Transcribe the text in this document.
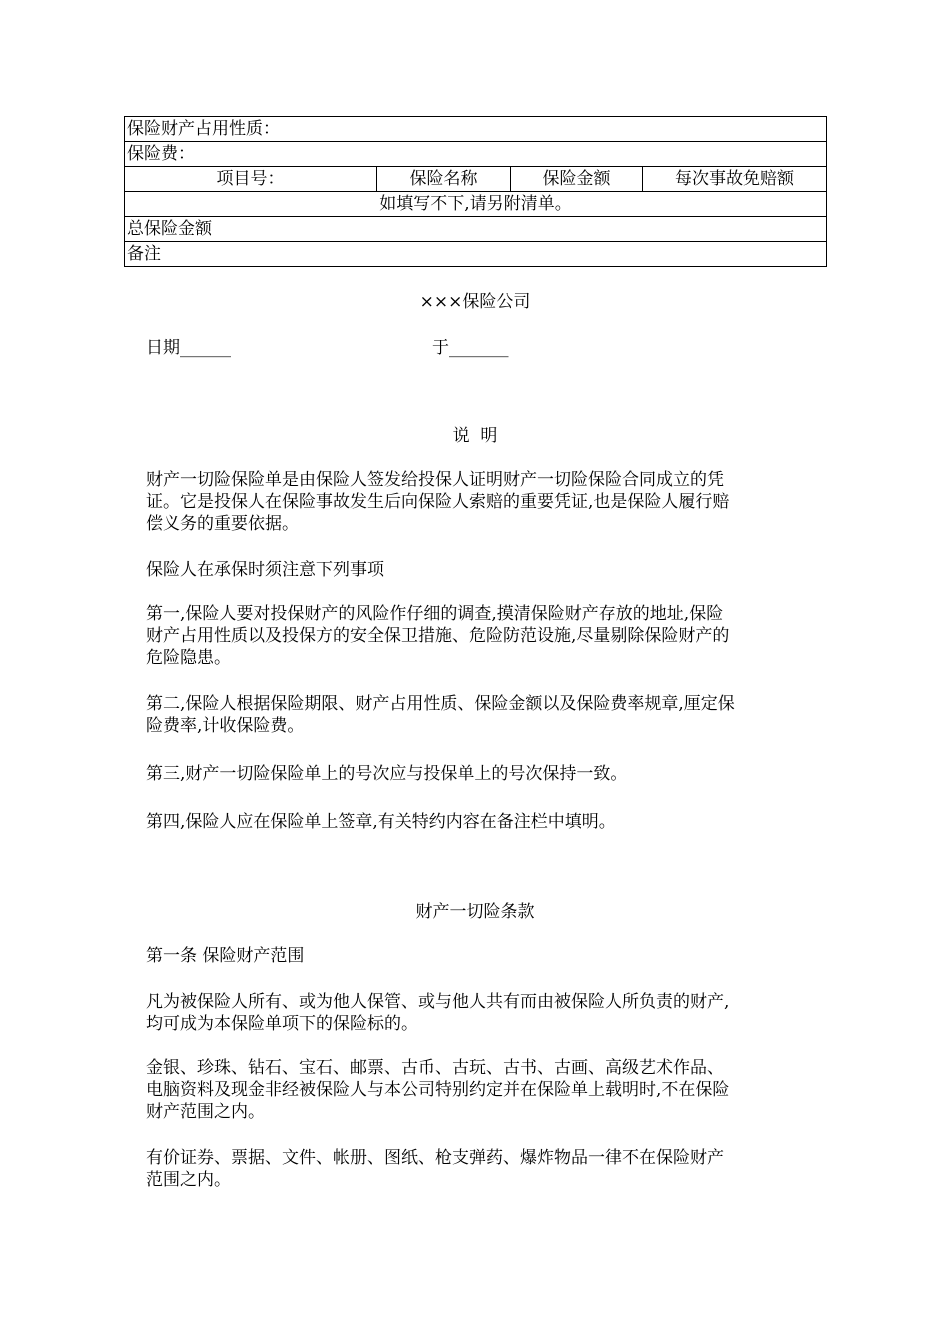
保险财产占用性质：
保险费：
项目号：	保险名称	保险金额	每次事故免赔额
如填写不下,请另附清单。
总保险金额
备注
×××保险公司
日期______	于_______
说  明
财产一切险保险单是由保险人签发给投保人证明财产一切险保险合同成立的凭
证。它是投保人在保险事故发生后向保险人索赔的重要凭证,也是保险人履行赔
偿义务的重要依据。
保险人在承保时须注意下列事项
第一,保险人要对投保财产的风险作仔细的调查,摸清保险财产存放的地址,保险
财产占用性质以及投保方的安全保卫措施、危险防范设施,尽量剔除保险财产的
危险隐患。
第二,保险人根据保险期限、财产占用性质、保险金额以及保险费率规章,厘定保
险费率,计收保险费。
第三,财产一切险保险单上的号次应与投保单上的号次保持一致。
第四,保险人应在保险单上签章,有关特约内容在备注栏中填明。
财产一切险条款
第一条 保险财产范围
凡为被保险人所有、或为他人保管、或与他人共有而由被保险人所负责的财产,
均可成为本保险单项下的保险标的。
金银、珍珠、钻石、宝石、邮票、古币、古玩、古书、古画、高级艺术作品、
电脑资料及现金非经被保险人与本公司特别约定并在保险单上载明时,不在保险
财产范围之内。
有价证券、票据、文件、帐册、图纸、枪支弹药、爆炸物品一律不在保险财产
范围之内。
